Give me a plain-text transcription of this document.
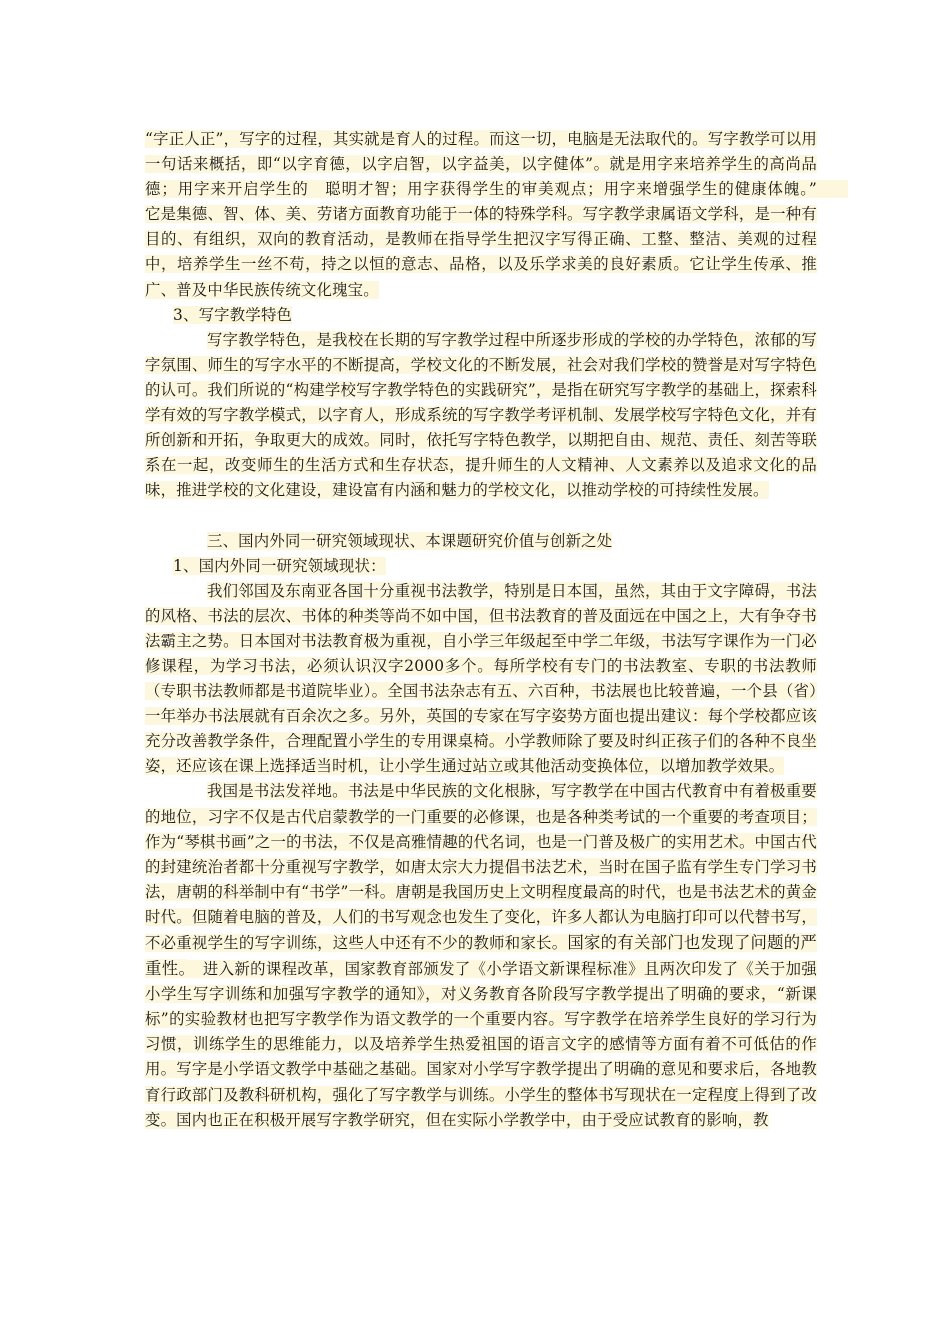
“字正人正”，写字的过程，其实就是育人的过程。而这一切，电脑是无法取代的。写字教学可以用一句话来概括，即“以字育德，以字启智，以字益美，以字健体”。就是用字来培养学生的高尚品德；用字来开启学生的　聪明才智；用字获得学生的审美观点；用字来增强学生的健康体魄。”　　它是集德、智、体、美、劳诸方面教育功能于一体的特殊学科。写字教学隶属语文学科，是一种有目的、有组织，双向的教育活动，是教师在指导学生把汉字写得正确、工整、整洁、美观的过程中，培养学生一丝不苟，持之以恒的意志、品格，以及乐学求美的良好素质。它让学生传承、推广、普及中华民族传统文化瑰宝。

3、写字教学特色

写字教学特色，是我校在长期的写字教学过程中所逐步形成的学校的办学特色，浓郁的写字氛围、师生的写字水平的不断提高，学校文化的不断发展，社会对我们学校的赞誉是对写字特色的认可。我们所说的“构建学校写字教学特色的实践研究”，是指在研究写字教学的基础上，探索科学有效的写字教学模式，以字育人，形成系统的写字教学考评机制、发展学校写字特色文化，并有所创新和开拓，争取更大的成效。同时，依托写字特色教学，以期把自由、规范、责任、刻苦等联系在一起，改变师生的生活方式和生存状态，提升师生的人文精神、人文素养以及追求文化的品味，推进学校的文化建设，建设富有内涵和魅力的学校文化，以推动学校的可持续性发展。

三、国内外同一研究领域现状、本课题研究价值与创新之处

1、国内外同一研究领域现状：

我们邻国及东南亚各国十分重视书法教学，特别是日本国，虽然，其由于文字障碍，书法的风格、书法的层次、书体的种类等尚不如中国，但书法教育的普及面远在中国之上，大有争夺书法霸主之势。日本国对书法教育极为重视，自小学三年级起至中学二年级，书法写字课作为一门必修课程，为学习书法，必须认识汉字2000多个。每所学校有专门的书法教室、专职的书法教师（专职书法教师都是书道院毕业）。全国书法杂志有五、六百种，书法展也比较普遍，一个县（省）一年举办书法展就有百余次之多。另外，英国的专家在写字姿势方面也提出建议：每个学校都应该充分改善教学条件，合理配置小学生的专用课桌椅。小学教师除了要及时纠正孩子们的各种不良坐姿，还应该在课上选择适当时机，让小学生通过站立或其他活动变换体位，以增加教学效果。

我国是书法发祥地。书法是中华民族的文化根脉，写字教学在中国古代教育中有着极重要的地位，习字不仅是古代启蒙教学的一门重要的必修课，也是各种类考试的一个重要的考查项目；作为“琴棋书画”之一的书法，不仅是高雅情趣的代名词，也是一门普及极广的实用艺术。中国古代的封建统治者都十分重视写字教学，如唐太宗大力提倡书法艺术，当时在国子监有学生专门学习书法，唐朝的科举制中有“书学”一科。唐朝是我国历史上文明程度最高的时代，也是书法艺术的黄金时代。但随着电脑的普及，人们的书写观念也发生了变化，许多人都认为电脑打印可以代替书写，不必重视学生的写字训练，这些人中还有不少的教师和家长。国家的有关部门也发现了问题的严重性。　进入新的课程改革，国家教育部颁发了《小学语文新课程标准》且两次印发了《关于加强小学生写字训练和加强写字教学的通知》，对义务教育各阶段写字教学提出了明确的要求，“新课标”的实验教材也把写字教学作为语文教学的一个重要内容。写字教学在培养学生良好的学习行为习惯，训练学生的思维能力，以及培养学生热爱祖国的语言文字的感情等方面有着不可低估的作用。写字是小学语文教学中基础之基础。国家对小学写字教学提出了明确的意见和要求后，各地教育行政部门及教科研机构，强化了写字教学与训练。小学生的整体书写现状在一定程度上得到了改变。国内也正在积极开展写字教学研究，但在实际小学教学中，由于受应试教育的影响，教
